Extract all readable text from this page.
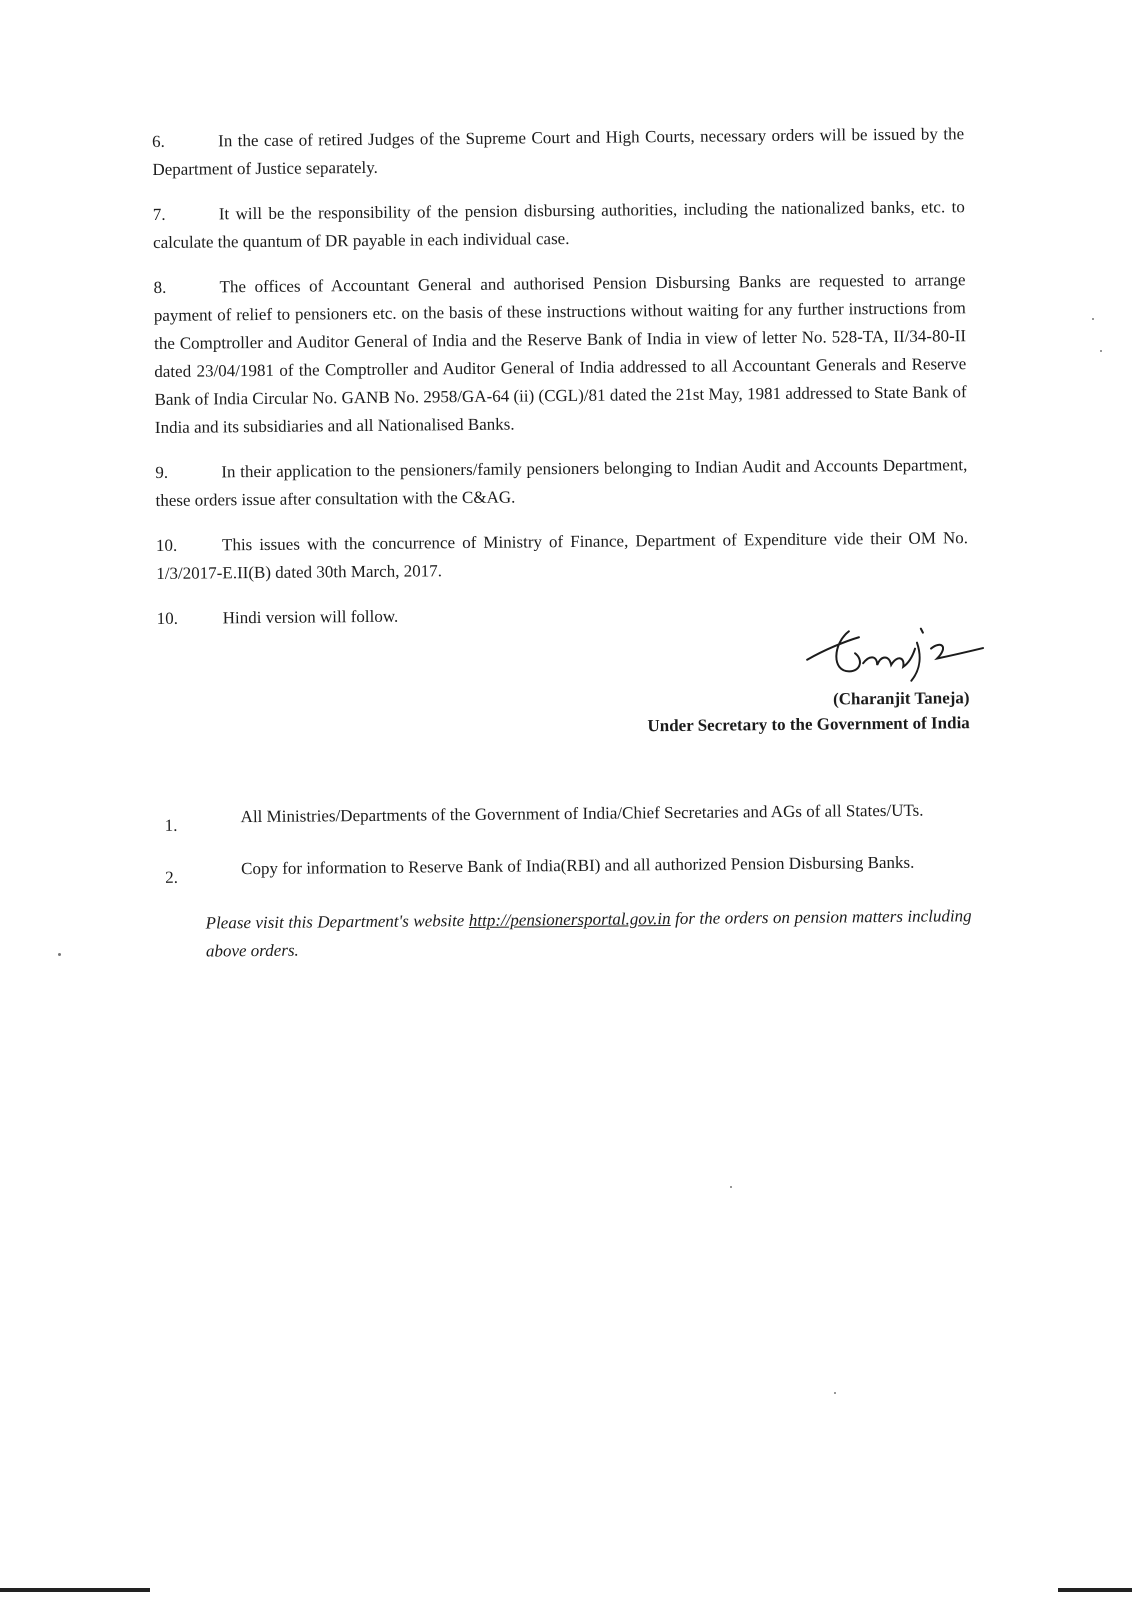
6.	In the case of retired Judges of the Supreme Court and High Courts, necessary orders will be issued by the Department of Justice separately.

7.	It will be the responsibility of the pension disbursing authorities, including the nationalized banks, etc. to calculate the quantum of DR payable in each individual case.

8.	The offices of Accountant General and authorised Pension Disbursing Banks are requested to arrange payment of relief to pensioners etc. on the basis of these instructions without waiting for any further instructions from the Comptroller and Auditor General of India and the Reserve Bank of India in view of letter No. 528-TA, II/34-80-II dated 23/04/1981 of the Comptroller and Auditor General of India addressed to all Accountant Generals and Reserve Bank of India Circular No. GANB No. 2958/GA-64 (ii) (CGL)/81 dated the 21st May, 1981 addressed to State Bank of India and its subsidiaries and all Nationalised Banks.

9.	In their application to the pensioners/family pensioners belonging to Indian Audit and Accounts Department, these orders issue after consultation with the C&AG.

10.	This issues with the concurrence of Ministry of Finance, Department of Expenditure vide their OM No. 1/3/2017-E.II(B) dated 30th March, 2017.

10.	Hindi version will follow.

(Charanjit Taneja)
Under Secretary to the Government of India
1.	All Ministries/Departments of the Government of India/Chief Secretaries and AGs of all States/UTs.
2.	Copy for information to Reserve Bank of India(RBI) and all authorized Pension Disbursing Banks.

Please visit this Department's website http://pensionersportal.gov.in for the orders on pension matters including above orders.
